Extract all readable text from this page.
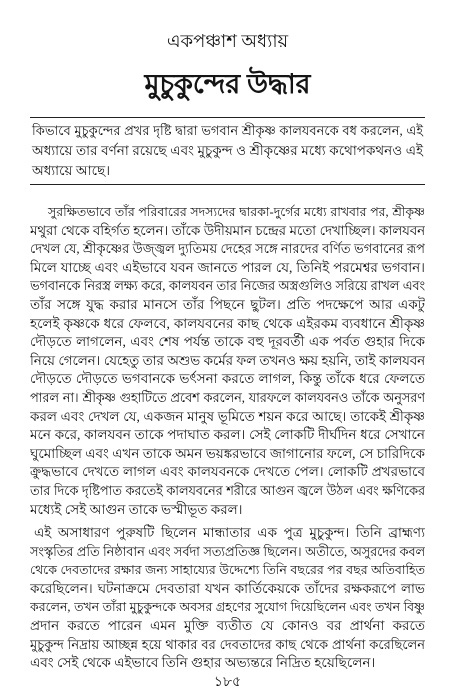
একপঞ্চাশ অধ্যায়
মুচুকুন্দের উদ্ধার
কিভাবে মুচুকুন্দের প্রখর দৃষ্টি দ্বারা ভগবান শ্রীকৃষ্ণ কালযবনকে বধ করলেন, এই
অধ্যায়ে তার বর্ণনা রয়েছে এবং মুচুকুন্দ ও শ্রীকৃষ্ণের মধ্যে কথোপকথনও এই
অধ্যায়ে আছে।
সুরক্ষিতভাবে তাঁর পরিবারের সদস্যদের দ্বারকা-দুর্গের মধ্যে রাখবার পর, শ্রীকৃষ্ণ
মথুরা থেকে বহির্গত হলেন। তাঁকে উদীয়মান চন্দ্রের মতো দেখাচ্ছিল। কালযবন
দেখল যে, শ্রীকৃষ্ণের উজ্জ্বল দ্যুতিময় দেহের সঙ্গে নারদের বর্ণিত ভগবানের রূপ
মিলে যাচ্ছে এবং এইভাবে যবন জানতে পারল যে, তিনিই পরমেশ্বর ভগবান।
ভগবানকে নিরস্ত্র লক্ষ্য করে, কালযবন তার নিজের অস্ত্রগুলিও সরিয়ে রাখল এবং
তাঁর সঙ্গে যুদ্ধ করার মানসে তাঁর পিছনে ছুটল। প্রতি পদক্ষেপে আর একটু
হলেই কৃষ্ণকে ধরে ফেলবে, কালযবনের কাছ থেকে এইরকম ব্যবধানে শ্রীকৃষ্ণ
দৌড়তে লাগলেন, এবং শেষ পর্যন্ত তাকে বহু দূরবর্তী এক পর্বত গুহার দিকে
নিয়ে গেলেন। যেহেতু তার অশুভ কর্মের ফল তখনও ক্ষয় হয়নি, তাই কালযবন
দৌড়তে দৌড়তে ভগবানকে ভর্ৎসনা করতে লাগল, কিন্তু তাঁকে ধরে ফেলতে
পারল না। শ্রীকৃষ্ণ গুহাটিতে প্রবেশ করলেন, যারফলে কালযবনও তাঁকে অনুসরণ
করল এবং দেখল যে, একজন মানুষ ভূমিতে শয়ন করে আছে। তাকেই শ্রীকৃষ্ণ
মনে করে, কালযবন তাকে পদাঘাত করল। সেই লোকটি দীর্ঘদিন ধরে সেখানে
ঘুমোচ্ছিল এবং এখন তাকে অমন ভয়ঙ্করভাবে জাগানোর ফলে, সে চারিদিকে
ক্রুদ্ধভাবে দেখতে লাগল এবং কালযবনকে দেখতে পেল। লোকটি প্রখরভাবে
তার দিকে দৃষ্টিপাত করতেই কালযবনের শরীরে আগুন জ্বলে উঠল এবং ক্ষণিকের
মধ্যেই সেই আগুন তাকে ভস্মীভূত করল।
এই অসাধারণ পুরুষটি ছিলেন মান্ধাতার এক পুত্র মুচুকুন্দ। তিনি ব্রাহ্মণ্য
সংস্কৃতির প্রতি নিষ্ঠাবান এবং সর্বদা সত্যপ্রতিজ্ঞ ছিলেন। অতীতে, অসুরদের কবল
থেকে দেবতাদের রক্ষার জন্য সাহায্যের উদ্দেশ্যে তিনি বছরের পর বছর অতিবাহিত
করেছিলেন। ঘটনাক্রমে দেবতারা যখন কার্তিকেয়কে তাঁদের রক্ষকরূপে লাভ
করলেন, তখন তাঁরা মুচুকুন্দকে অবসর গ্রহণের সুযোগ দিয়েছিলেন এবং তখন বিষ্ণু
প্রদান করতে পারেন এমন মুক্তি ব্যতীত যে কোনও বর প্রার্থনা করতে
মুচুকুন্দ নিদ্রায় আচ্ছন্ন হয়ে থাকার বর দেবতাদের কাছ থেকে প্রার্থনা করেছিলেন
এবং সেই থেকে এইভাবে তিনি গুহার অভ্যন্তরে নিদ্রিত হয়েছিলেন।
১৮৫
